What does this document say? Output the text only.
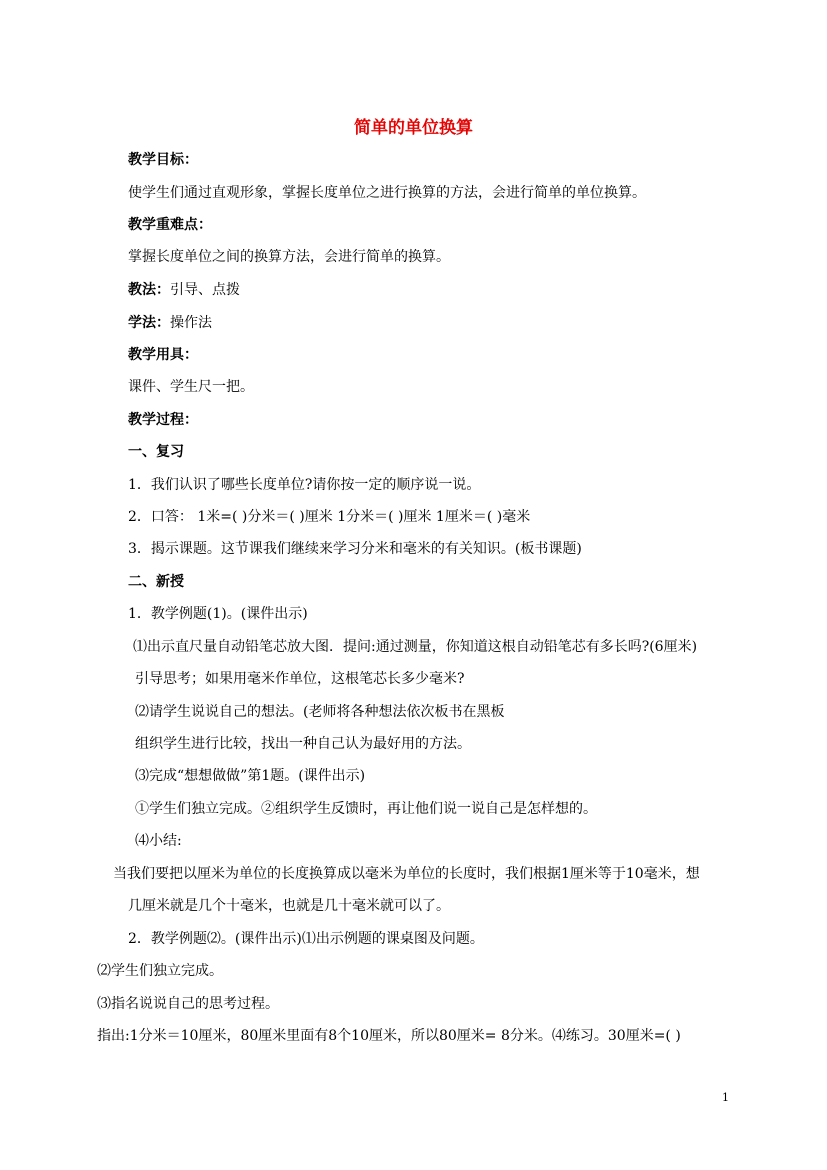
简单的单位换算
教学目标：
使学生们通过直观形象，掌握长度单位之进行换算的方法，会进行简单的单位换算。
教学重难点：
掌握长度单位之间的换算方法，会进行简单的换算。
教法：引导、点拨
学法：操作法
教学用具：
课件、学生尺一把。
教学过程：
一、复习
1．我们认识了哪些长度单位?请你按一定的顺序说一说。
2．口答： 1米=( )分米＝( )厘米 1分米＝( )厘米 1厘米＝( )毫米
3．揭示课题。这节课我们继续来学习分米和毫米的有关知识。(板书课题)
二、新授
1．教学例题(1)。(课件出示)
⑴出示直尺量自动铅笔芯放大图．提问:通过测量，你知道这根自动铅笔芯有多长吗?(6厘米)
引导思考；如果用毫米作单位，这根笔芯长多少毫米?
⑵请学生说说自己的想法。(老师将各种想法依次板书在黑板
组织学生进行比较，找出一种自己认为最好用的方法。
⑶完成“想想做做”第1题。(课件出示)
①学生们独立完成。②组织学生反馈时，再让他们说一说自己是怎样想的。
⑷小结:
当我们要把以厘米为单位的长度换算成以毫米为单位的长度时，我们根据1厘米等于10毫米，想
几厘米就是几个十毫米，也就是几十毫米就可以了。
2．教学例题⑵。(课件出示)⑴出示例题的课桌图及问题。
⑵学生们独立完成。
⑶指名说说自己的思考过程。
指出:1分米＝10厘米，80厘米里面有8个10厘米，所以80厘米= 8分米。⑷练习。30厘米=( )
1
